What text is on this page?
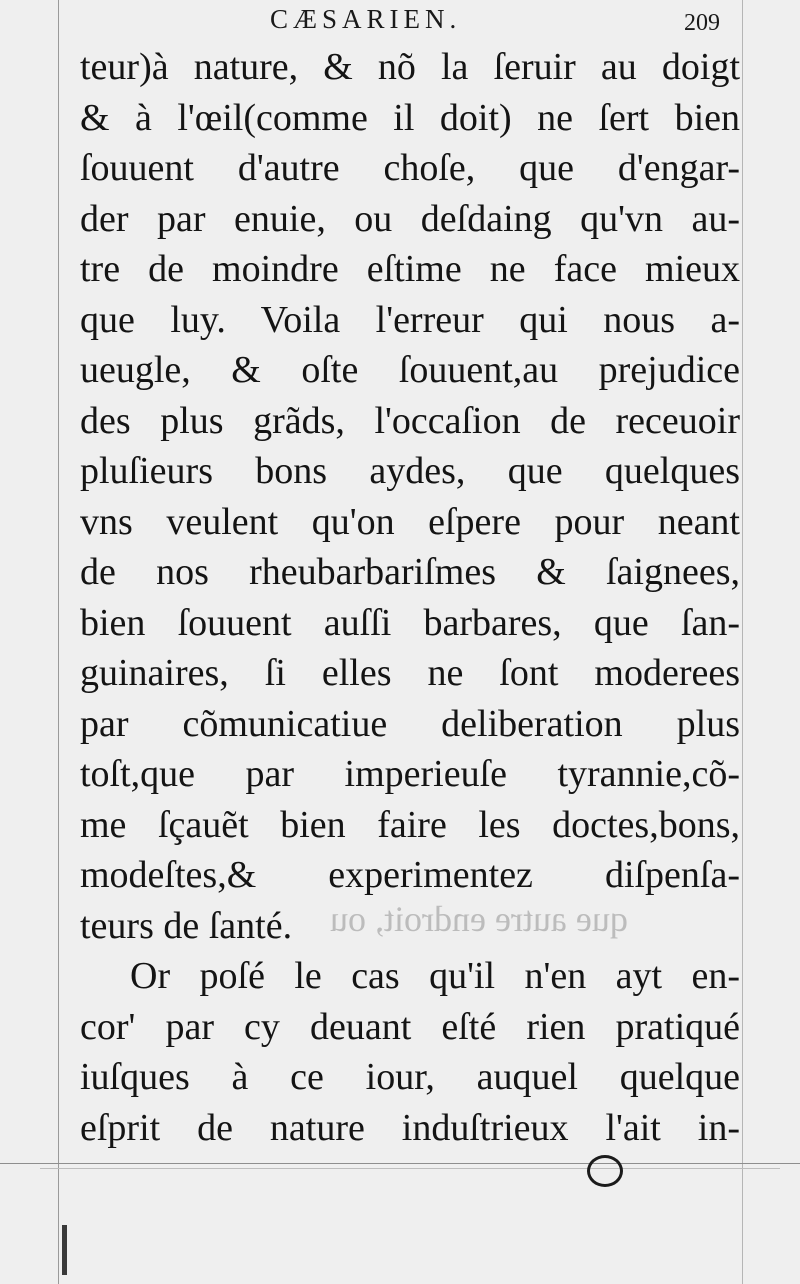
CÆSARIEN.	209

que autre endroit, ou
teur)à nature, & nõ la ſeruir au doigt
& à l'œil(comme il doit) ne ſert bien
ſouuent d'autre choſe, que d'engar-
der par enuie, ou deſdaing qu'vn au-
tre de moindre eſtime ne face mieux
que luy. Voila l'erreur qui nous a-
ueugle, & oſte ſouuent,au prejudice
des plus grãds, l'occaſion de receuoir
pluſieurs bons aydes, que quelques
vns veulent qu'on eſpere pour neant
de nos rheubarbariſmes & ſaignees,
bien ſouuent auſſi barbares, que ſan-
guinaires, ſi elles ne ſont moderees
par cõmunicatiue deliberation plus
toſt,que par imperieuſe tyrannie,cõ-
me ſçauẽt bien faire les doctes,bons,
modeſtes,& experimentez diſpenſa-
teurs de ſanté.
Or poſé le cas qu'il n'en ayt en-
cor' par cy deuant eſté rien pratiqué
iuſques à ce iour, auquel quelque
eſprit de nature induſtrieux l'ait in-
